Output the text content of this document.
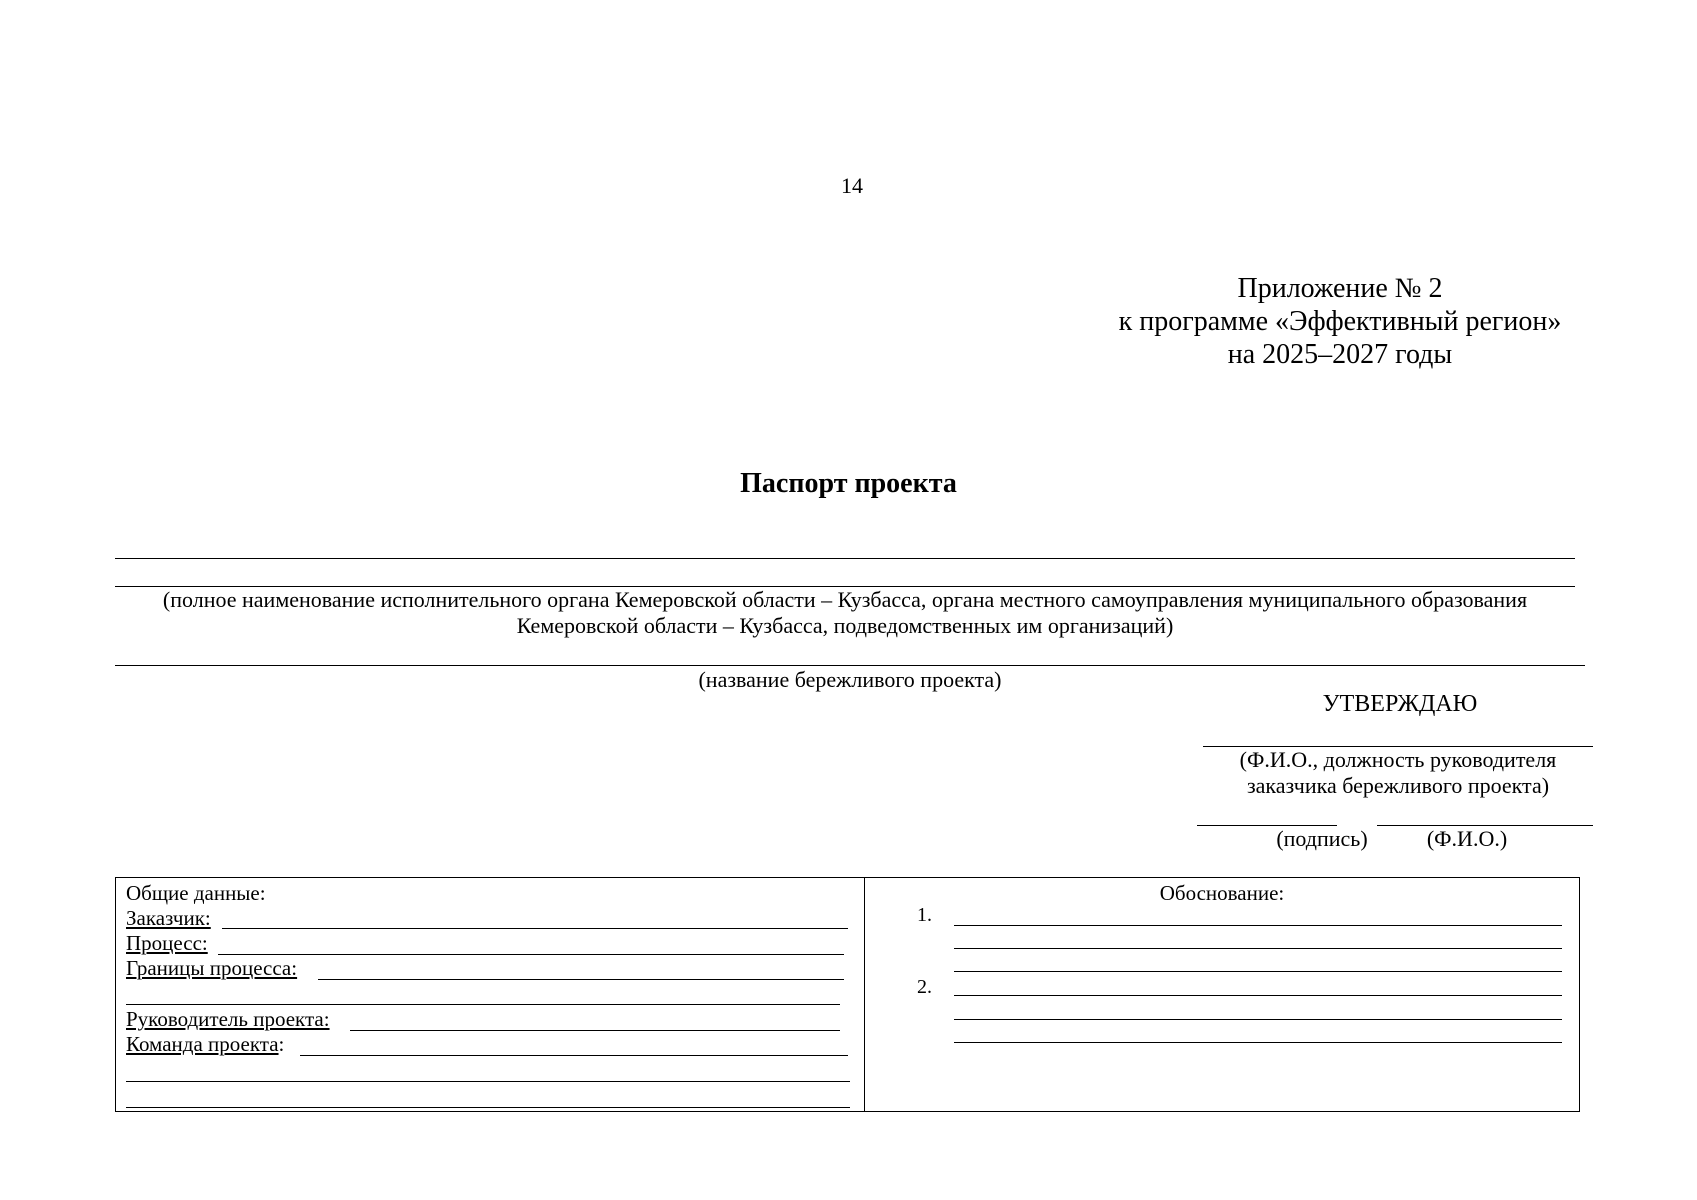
14
Приложение № 2
к программе «Эффективный регион»
на 2025–2027 годы
Паспорт проекта
(полное наименование исполнительного органа Кемеровской области – Кузбасса, органа местного самоуправления муниципального образования
Кемеровской области – Кузбасса, подведомственных им организаций)
(название бережливого проекта)
УТВЕРЖДАЮ
(Ф.И.О., должность руководителя
заказчика бережливого проекта)
(подпись)	(Ф.И.О.)
Общие данные:
Заказчик:
Процесс:
Границы процесса:
Руководитель проекта:
Команда проекта:
Обоснование:
1.
2.
